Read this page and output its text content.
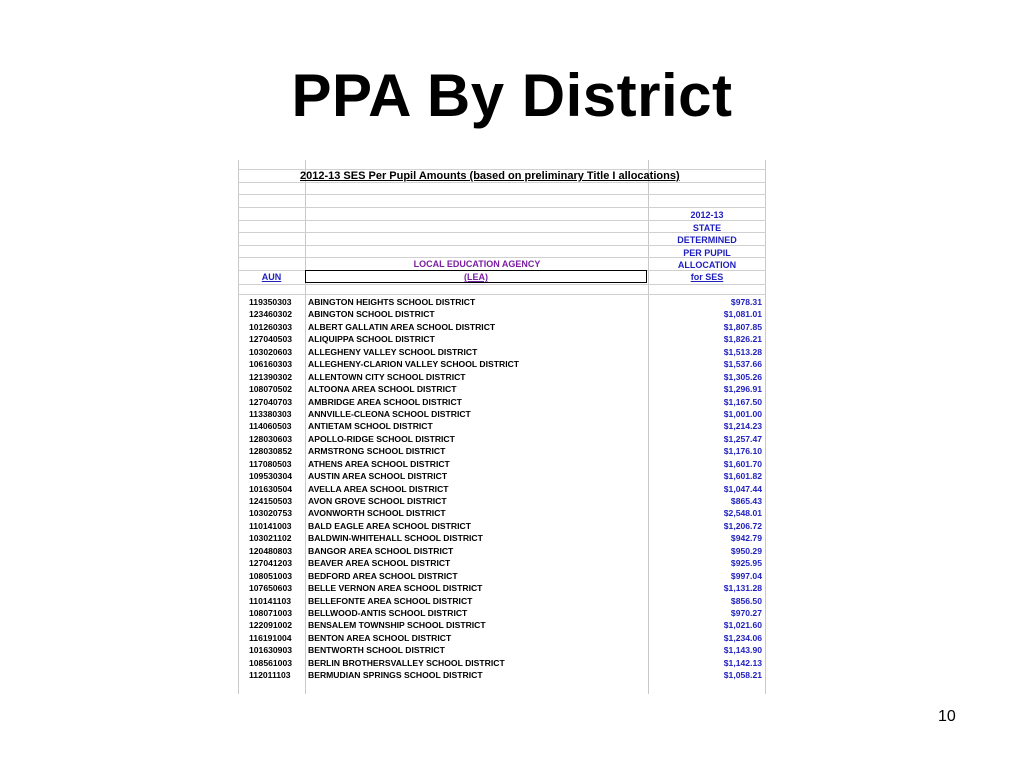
PPA By District
2012-13 SES Per Pupil Amounts (based on preliminary Title I allocations)
2012-13
STATE
DETERMINED
PER PUPIL
ALLOCATION
LOCAL EDUCATION AGENCY
AUN	(LEA)	for SES
119350303 ABINGTON HEIGHTS SCHOOL DISTRICT	$978.31
123460302 ABINGTON SCHOOL DISTRICT	$1,081.01
101260303 ALBERT GALLATIN AREA SCHOOL DISTRICT	$1,807.85
127040503 ALIQUIPPA SCHOOL DISTRICT	$1,826.21
103020603 ALLEGHENY VALLEY SCHOOL DISTRICT	$1,513.28
106160303 ALLEGHENY-CLARION VALLEY SCHOOL DISTRICT	$1,537.66
121390302 ALLENTOWN CITY SCHOOL DISTRICT	$1,305.26
108070502 ALTOONA AREA SCHOOL DISTRICT	$1,296.91
127040703 AMBRIDGE AREA SCHOOL DISTRICT	$1,167.50
113380303 ANNVILLE-CLEONA SCHOOL DISTRICT	$1,001.00
114060503 ANTIETAM SCHOOL DISTRICT	$1,214.23
128030603 APOLLO-RIDGE SCHOOL DISTRICT	$1,257.47
128030852 ARMSTRONG SCHOOL DISTRICT	$1,176.10
117080503 ATHENS AREA SCHOOL DISTRICT	$1,601.70
109530304 AUSTIN AREA SCHOOL DISTRICT	$1,601.82
101630504 AVELLA AREA SCHOOL DISTRICT	$1,047.44
124150503 AVON GROVE SCHOOL DISTRICT	$865.43
103020753 AVONWORTH SCHOOL DISTRICT	$2,548.01
110141003 BALD EAGLE AREA SCHOOL DISTRICT	$1,206.72
103021102 BALDWIN-WHITEHALL SCHOOL DISTRICT	$942.79
120480803 BANGOR AREA SCHOOL DISTRICT	$950.29
127041203 BEAVER AREA SCHOOL DISTRICT	$925.95
108051003 BEDFORD AREA SCHOOL DISTRICT	$997.04
107650603 BELLE VERNON AREA SCHOOL DISTRICT	$1,131.28
110141103 BELLEFONTE AREA SCHOOL DISTRICT	$856.50
108071003 BELLWOOD-ANTIS SCHOOL DISTRICT	$970.27
122091002 BENSALEM TOWNSHIP SCHOOL DISTRICT	$1,021.60
116191004 BENTON AREA SCHOOL DISTRICT	$1,234.06
101630903 BENTWORTH SCHOOL DISTRICT	$1,143.90
108561003 BERLIN BROTHERSVALLEY SCHOOL DISTRICT	$1,142.13
112011103 BERMUDIAN SPRINGS SCHOOL DISTRICT	$1,058.21
10
